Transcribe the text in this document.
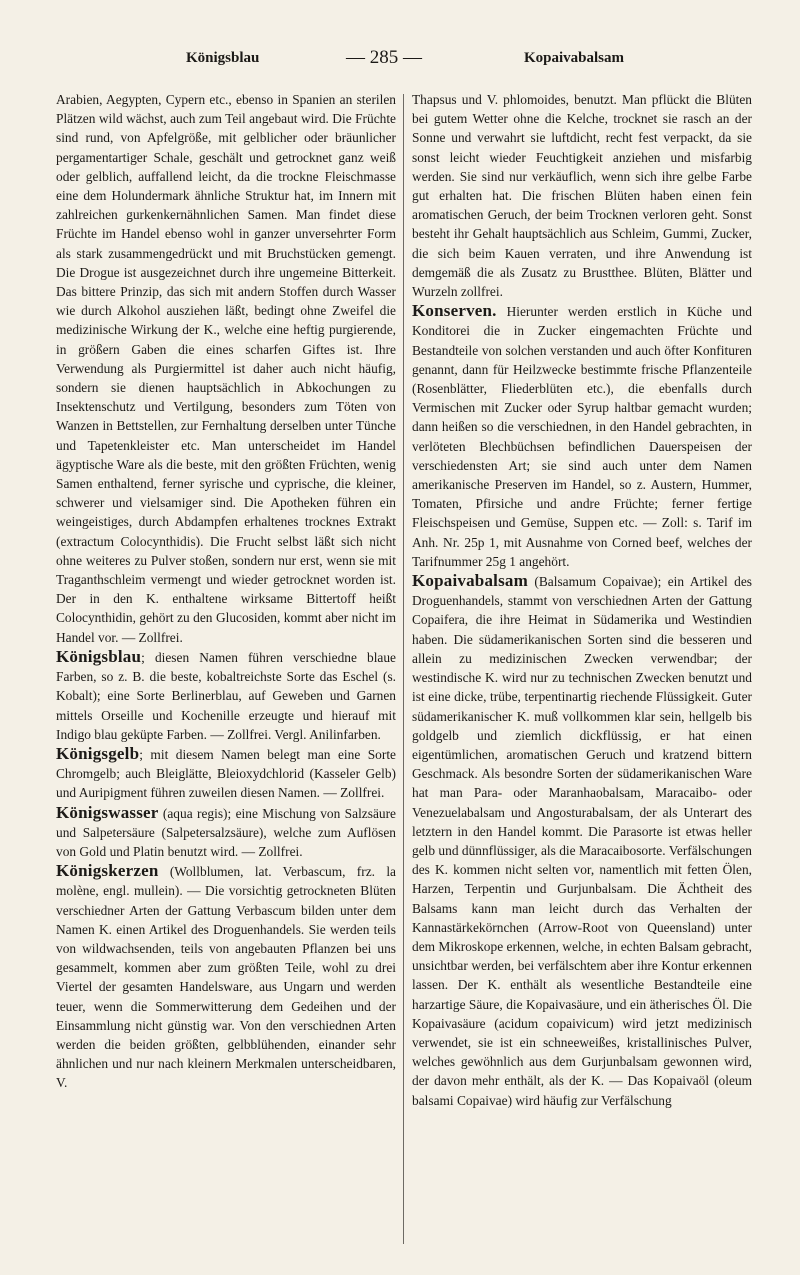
Königsblau	— 285 —	Kopaivabalsam

Arabien, Aegypten, Cypern etc., ebenso in Spanien an sterilen Plätzen wild wächst, auch zum Teil angebaut wird. Die Früchte sind rund, von Apfelgröße, mit gelblicher oder bräunlicher pergamentartiger Schale, geschält und getrocknet ganz weiß oder gelblich, auffallend leicht, da die trockne Fleischmasse eine dem Holundermark ähnliche Struktur hat, im Innern mit zahlreichen gurkenkernähnlichen Samen. Man findet diese Früchte im Handel ebenso wohl in ganzer unversehrter Form als stark zusammengedrückt und mit Bruchstücken gemengt. Die Drogue ist ausgezeichnet durch ihre ungemeine Bitterkeit. Das bittere Prinzip, das sich mit andern Stoffen durch Wasser wie durch Alkohol ausziehen läßt, bedingt ohne Zweifel die medizinische Wirkung der K., welche eine heftig purgierende, in größern Gaben die eines scharfen Giftes ist. Ihre Verwendung als Purgiermittel ist daher auch nicht häufig, sondern sie dienen hauptsächlich in Abkochungen zu Insektenschutz und Vertilgung, besonders zum Töten von Wanzen in Bettstellen, zur Fernhaltung derselben unter Tünche und Tapetenkleister etc. Man unterscheidet im Handel ägyptische Ware als die beste, mit den größten Früchten, wenig Samen enthaltend, ferner syrische und cyprische, die kleiner, schwerer und vielsamiger sind. Die Apotheken führen ein weingeistiges, durch Abdampfen erhaltenes trocknes Extrakt (extractum Colocynthidis). Die Frucht selbst läßt sich nicht ohne weiteres zu Pulver stoßen, sondern nur erst, wenn sie mit Traganthschleim vermengt und wieder getrocknet worden ist. Der in den K. enthaltene wirksame Bittertoff heißt Colocynthidin, gehört zu den Glucosiden, kommt aber nicht im Handel vor. — Zollfrei.

Königsblau; diesen Namen führen verschiedne blaue Farben, so z. B. die beste, kobaltreichste Sorte das Eschel (s. Kobalt); eine Sorte Berlinerblau, auf Geweben und Garnen mittels Orseille und Kochenille erzeugte und hierauf mit Indigo blau geküpte Farben. — Zollfrei. Vergl. Anilinfarben.

Königsgelb; mit diesem Namen belegt man eine Sorte Chromgelb; auch Bleiglätte, Bleioxydchlorid (Kasseler Gelb) und Auripigment führen zuweilen diesen Namen. — Zollfrei.

Königswasser (aqua regis); eine Mischung von Salzsäure und Salpetersäure (Salpetersalzsäure), welche zum Auflösen von Gold und Platin benutzt wird. — Zollfrei.

Königskerzen (Wollblumen, lat. Verbascum, frz. la molène, engl. mullein). — Die vorsichtig getrockneten Blüten verschiedner Arten der Gattung Verbascum bilden unter dem Namen K. einen Artikel des Droguenhandels. Sie werden teils von wildwachsenden, teils von angebauten Pflanzen bei uns gesammelt, kommen aber zum größten Teile, wohl zu drei Viertel der gesamten Handelsware, aus Ungarn und werden teuer, wenn die Sommerwitterung dem Gedeihen und der Einsammlung nicht günstig war. Von den verschiednen Arten werden die beiden größten, gelbblühenden, einander sehr ähnlichen und nur nach kleinern Merkmalen unterscheidbaren, V.

Thapsus und V. phlomoides, benutzt. Man pflückt die Blüten bei gutem Wetter ohne die Kelche, trocknet sie rasch an der Sonne und verwahrt sie luftdicht, recht fest verpackt, da sie sonst leicht wieder Feuchtigkeit anziehen und misfarbig werden. Sie sind nur verkäuflich, wenn sich ihre gelbe Farbe gut erhalten hat. Die frischen Blüten haben einen fein aromatischen Geruch, der beim Trocknen verloren geht. Sonst besteht ihr Gehalt hauptsächlich aus Schleim, Gummi, Zucker, die sich beim Kauen verraten, und ihre Anwendung ist demgemäß die als Zusatz zu Brustthee. Blüten, Blätter und Wurzeln zollfrei.

Konserven. Hierunter werden erstlich in Küche und Konditorei die in Zucker eingemachten Früchte und Bestandteile von solchen verstanden und auch öfter Konfituren genannt, dann für Heilzwecke bestimmte frische Pflanzenteile (Rosenblätter, Fliederblüten etc.), die ebenfalls durch Vermischen mit Zucker oder Syrup haltbar gemacht wurden; dann heißen so die verschiednen, in den Handel gebrachten, in verlöteten Blechbüchsen befindlichen Dauerspeisen der verschiedensten Art; sie sind auch unter dem Namen amerikanische Preserven im Handel, so z. Austern, Hummer, Tomaten, Pfirsiche und andre Früchte; ferner fertige Fleischspeisen und Gemüse, Suppen etc. — Zoll: s. Tarif im Anh. Nr. 25p 1, mit Ausnahme von Corned beef, welches der Tarifnummer 25g 1 angehört.

Kopaivabalsam (Balsamum Copaivae); ein Artikel des Droguenhandels, stammt von verschiednen Arten der Gattung Copaifera, die ihre Heimat in Südamerika und Westindien haben. Die südamerikanischen Sorten sind die besseren und allein zu medizinischen Zwecken verwendbar; der westindische K. wird nur zu technischen Zwecken benutzt und ist eine dicke, trübe, terpentinartig riechende Flüssigkeit. Guter südamerikanischer K. muß vollkommen klar sein, hellgelb bis goldgelb und ziemlich dickflüssig, er hat einen eigentümlichen, aromatischen Geruch und kratzend bittern Geschmack. Als besondre Sorten der südamerikanischen Ware hat man Para- oder Maranhaobalsam, Maracaibo- oder Venezuelabalsam und Angosturabalsam, der als Unterart des letztern in den Handel kommt. Die Parasorte ist etwas heller gelb und dünnflüssiger, als die Maracaibosorte. Verfälschungen des K. kommen nicht selten vor, namentlich mit fetten Ölen, Harzen, Terpentin und Gurjunbalsam. Die Ächtheit des Balsams kann man leicht durch das Verhalten der Kannastärkekörnchen (Arrow-Root von Queensland) unter dem Mikroskope erkennen, welche, in echten Balsam gebracht, unsichtbar werden, bei verfälschtem aber ihre Kontur erkennen lassen. Der K. enthält als wesentliche Bestandteile eine harzartige Säure, die Kopaivasäure, und ein ätherisches Öl. Die Kopaivasäure (acidum copaivicum) wird jetzt medizinisch verwendet, sie ist ein schneeweißes, kristallinisches Pulver, welches gewöhnlich aus dem Gurjunbalsam gewonnen wird, der davon mehr enthält, als der K. — Das Kopaivaöl (oleum balsami Copaivae) wird häufig zur Verfälschung
